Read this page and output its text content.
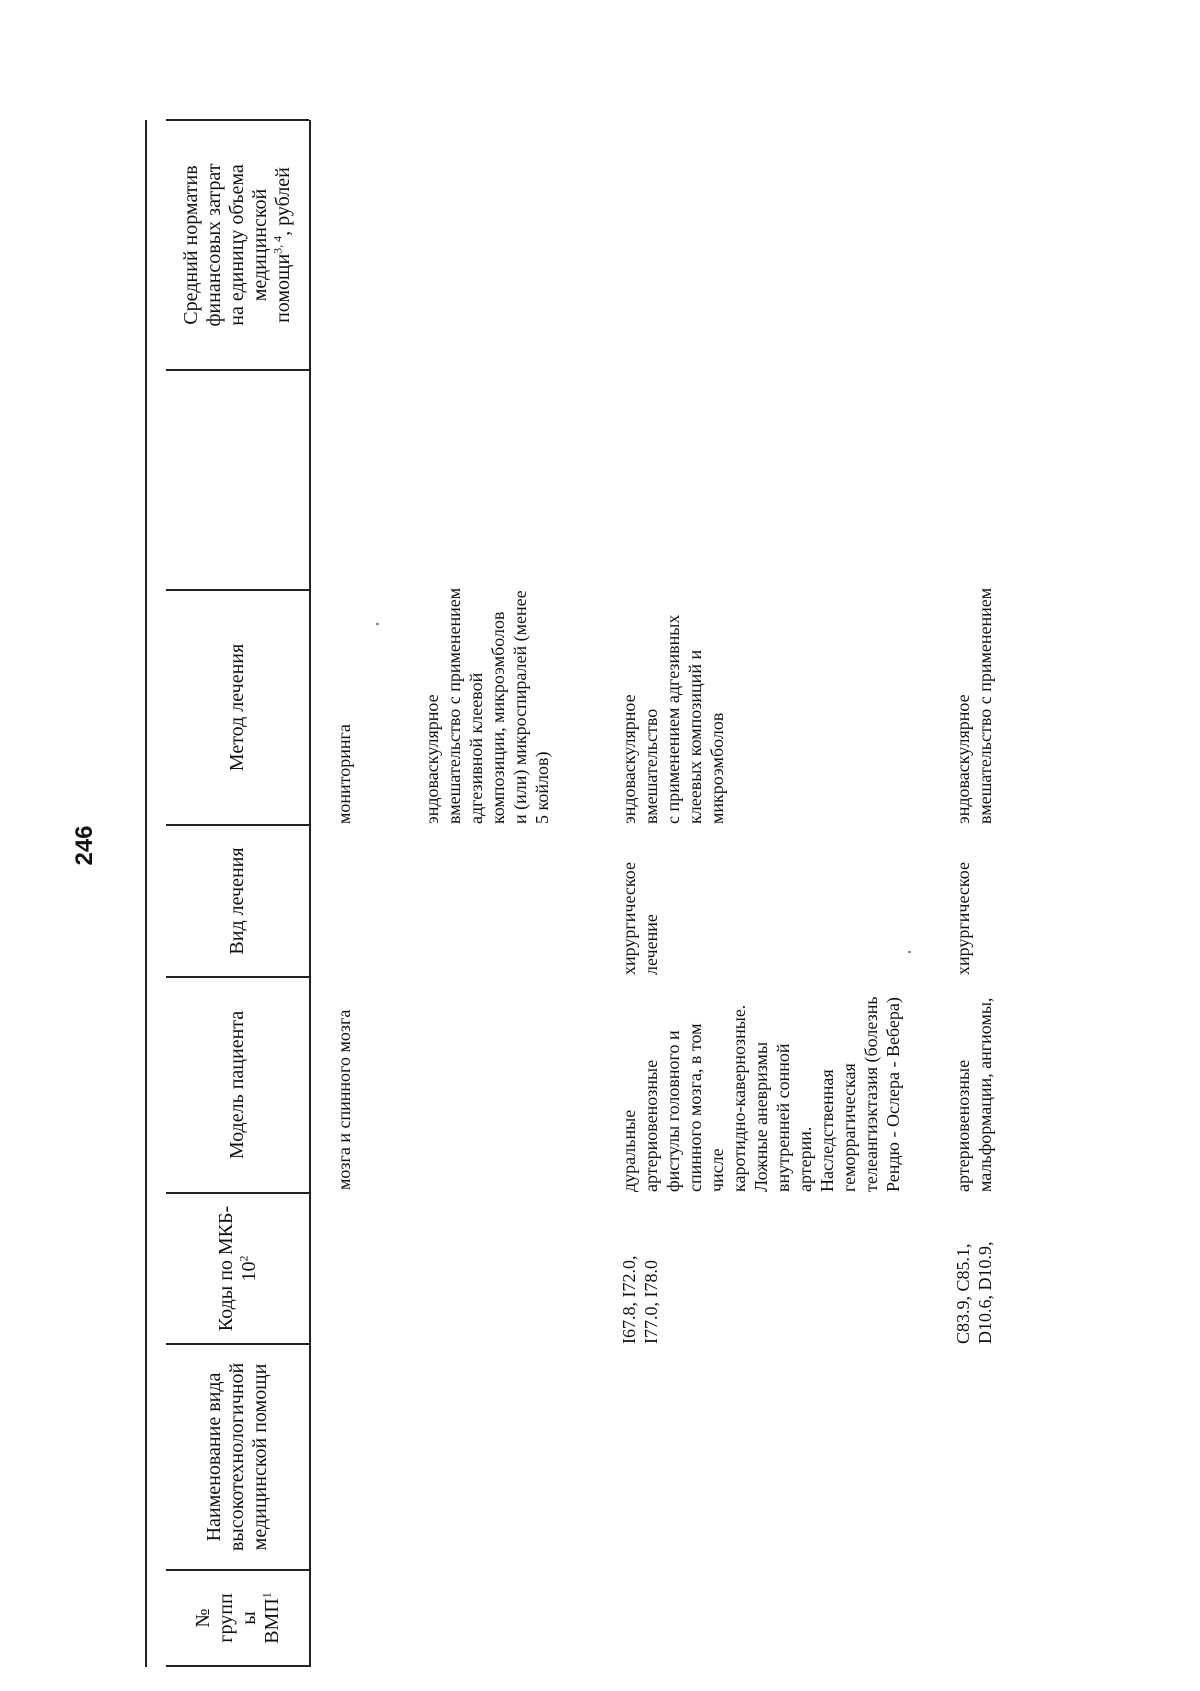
246
№
групп
ы
ВМП$^1$
Наименование вида
высокотехнологичной
медицинской помощи
Коды по МКБ-
$10^2$
Модель пациента
Вид лечения
Метод лечения
Средний норматив
финансовых затрат
на единицу объема
медицинской
помощи$^{3, 4}$, рублей
мозга и спинного мозга
мониторинга	эндоваскулярное
вмешательство с применением
адгезивной клеевой
композиции, микроэмболов
и (или) микроспиралей (менее
5 койлов)
I67.8, I72.0,
I77.0, I78.0
дуральные артериовенозные
фистулы головного и
спинного мозга, в том числе
каротидно-кавернозные.
Ложные аневризмы
внутренней сонной артерии.
Наследственная
геморрагическая
телеангиэктазия (болезнь
Рендю - Ослера - Вебера)
хирургическое
лечение
эндоваскулярное
вмешательство
с применением адгезивных
клеевых композиций и
микроэмболов
C83.9, C85.1,
D10.6, D10.9,
артериовенозные
мальформации, ангиомы,
хирургическое
эндоваскулярное
вмешательство с применением
